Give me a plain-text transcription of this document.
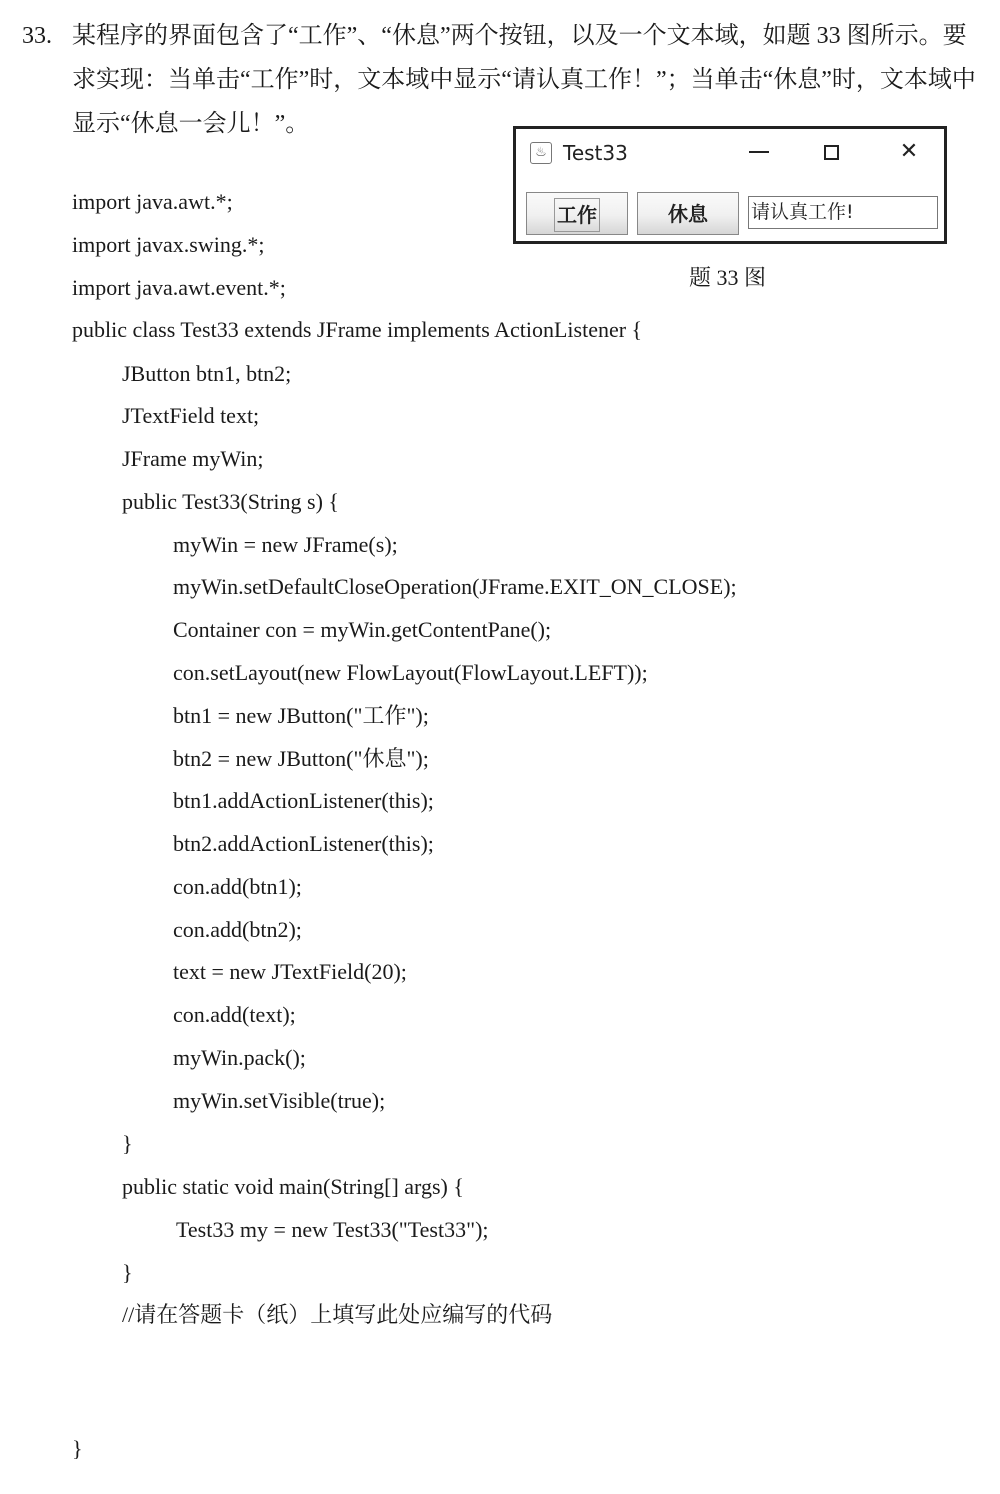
33. 某程序的界面包含了“工作”、“休息”两个按钮，以及一个文本域，如题 33 图所示。要求实现：当单击“工作”时，文本域中显示“请认真工作！”；当单击“休息”时，文本域中显示“休息一会儿！”。
♨ Test33	✕
工作	休息	请认真工作!
题 33 图
import java.awt.*;
import javax.swing.*;
import java.awt.event.*;
public class Test33 extends JFrame implements ActionListener {
JButton btn1, btn2;
JTextField text;
JFrame myWin;
public Test33(String s) {
myWin = new JFrame(s);
myWin.setDefaultCloseOperation(JFrame.EXIT_ON_CLOSE);
Container con = myWin.getContentPane();
con.setLayout(new FlowLayout(FlowLayout.LEFT));
btn1 = new JButton("工作");
btn2 = new JButton("休息");
btn1.addActionListener(this);
btn2.addActionListener(this);
con.add(btn1);
con.add(btn2);
text = new JTextField(20);
con.add(text);
myWin.pack();
myWin.setVisible(true);
}
public static void main(String[] args) {
Test33 my = new Test33("Test33");
}
//请在答题卡（纸）上填写此处应编写的代码
}
